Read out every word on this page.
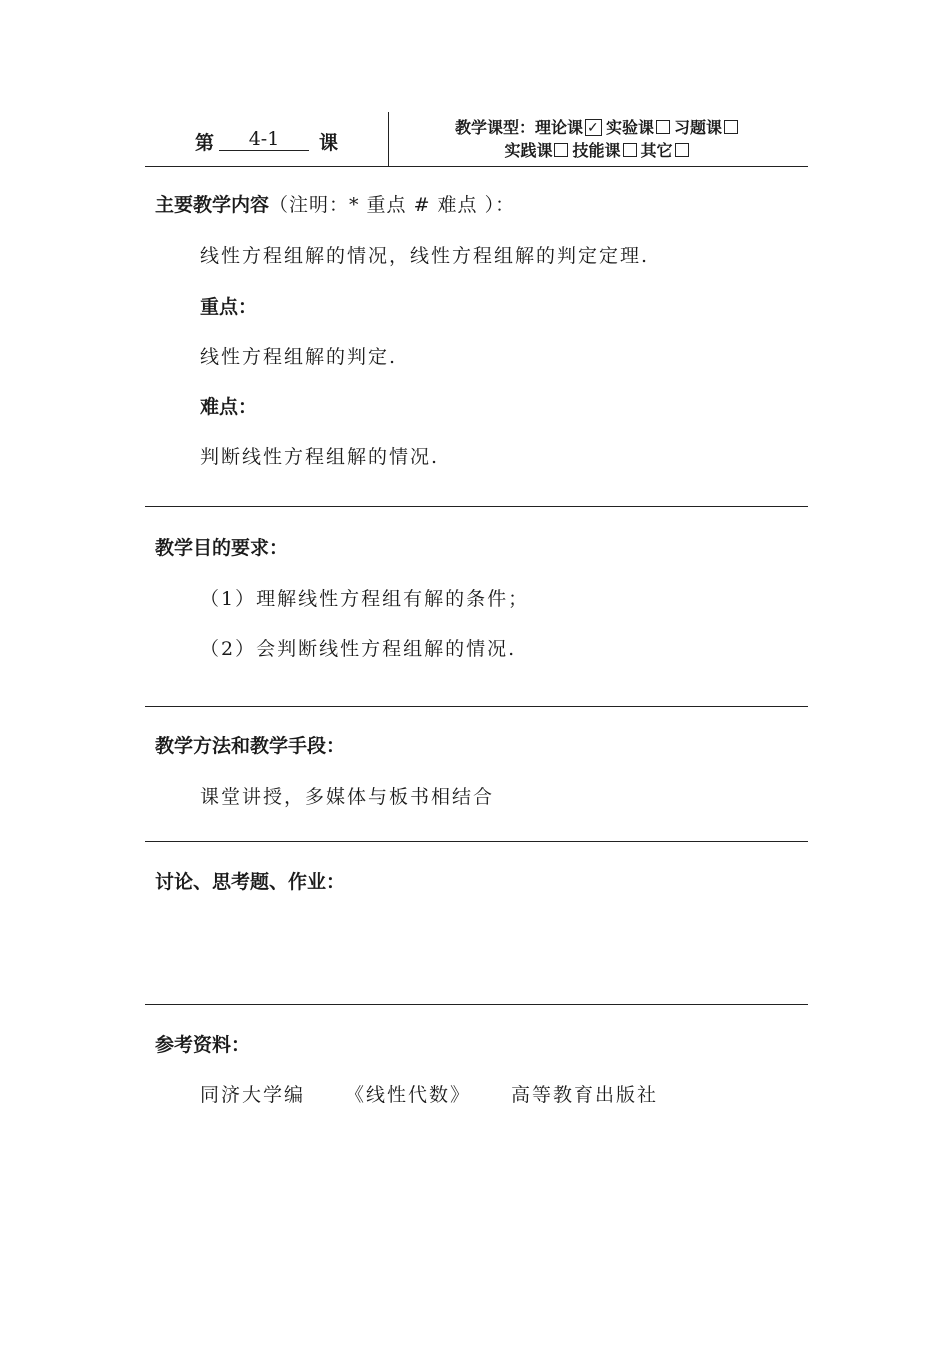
第	4-1	课
教学课型：理论课✓ 实验课 习题课
实践课 技能课 其它
主要教学内容（注明：* 重点 # 难点 ）：
线性方程组解的情况，线性方程组解的判定定理.
重点：
线性方程组解的判定.
难点：
判断线性方程组解的情况.
教学目的要求：
（1）理解线性方程组有解的条件；
（2）会判断线性方程组解的情况.
教学方法和教学手段：
课堂讲授，多媒体与板书相结合
讨论、思考题、作业：
参考资料：
同济大学编 《线性代数》 高等教育出版社
